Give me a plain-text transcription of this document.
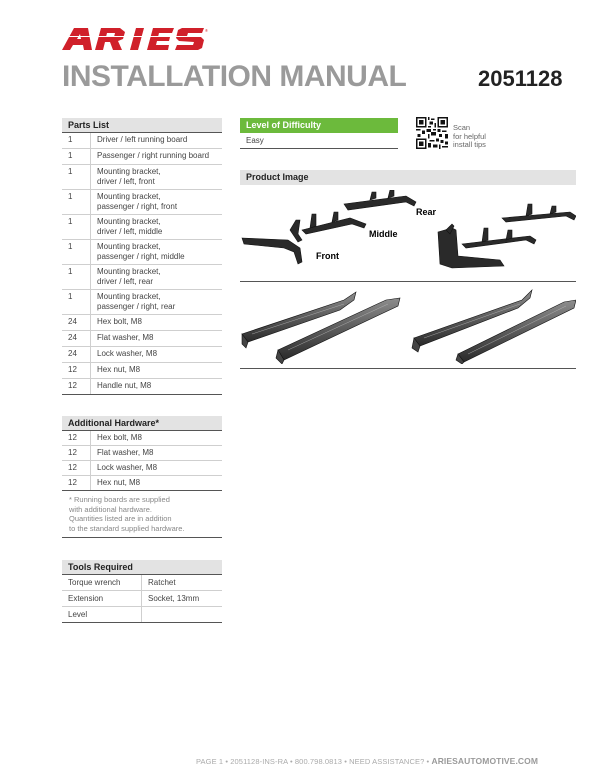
®
INSTALLATION MANUAL	2051128
Parts List
1	Driver / left running board
1	Passenger / right running board
1	Mounting bracket,
driver / left, front
1	Mounting bracket,
passenger / right, front
1	Mounting bracket,
driver / left, middle
1	Mounting bracket,
passenger / right, middle
1	Mounting bracket,
driver / left, rear
1	Mounting bracket,
passenger / right, rear
24	Hex bolt, M8
24	Flat washer, M8
24	Lock washer, M8
12	Hex nut, M8
12	Handle nut, M8
Additional Hardware*
12	Hex bolt, M8
12	Flat washer, M8
12	Lock washer, M8
12	Hex nut, M8
* Running boards are supplied
with additional hardware.
Quantities listed are in addition
to the standard supplied hardware.
Tools Required
Torque wrench	Ratchet
Extension	Socket, 13mm
Level	
Level of Difficulty
Easy
Scan
for helpful
install tips
Product Image
Rear
Middle
Front
PAGE 1 • 2051128-INS-RA • 800.798.0813 • NEED ASSISTANCE? • ARIESAUTOMOTIVE.COM
